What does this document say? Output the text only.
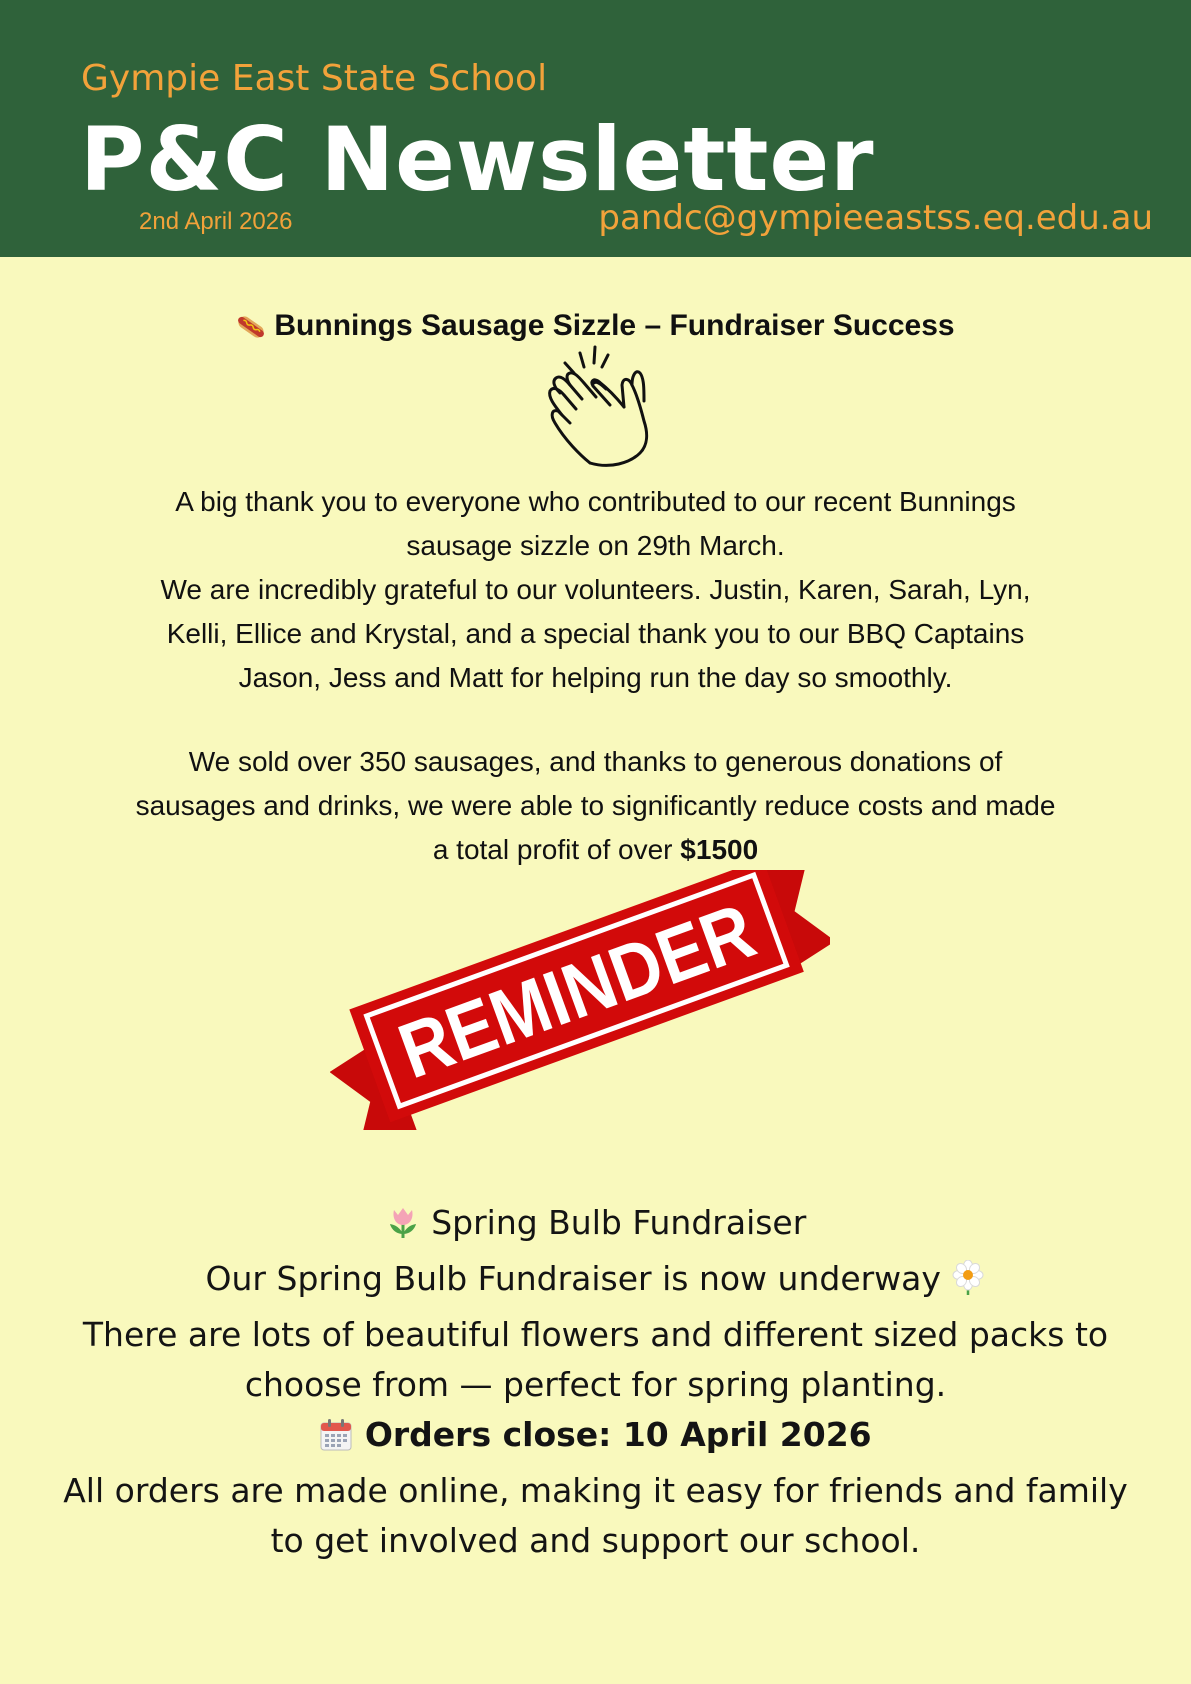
Gympie East State School
P&C Newsletter
2nd April 2026	pandc@gympieeastss.eq.edu.au
Bunnings Sausage Sizzle – Fundraiser Success
A big thank you to everyone who contributed to our recent Bunnings
sausage sizzle on 29th March.
We are incredibly grateful to our volunteers. Justin, Karen, Sarah, Lyn,
Kelli, Ellice and Krystal, and a special thank you to our BBQ Captains
Jason, Jess and Matt for helping run the day so smoothly.
We sold over 350 sausages, and thanks to generous donations of
sausages and drinks, we were able to significantly reduce costs and made
a total profit of over $1500
REMINDER
Spring Bulb Fundraiser
Our Spring Bulb Fundraiser is now underway
There are lots of beautiful flowers and different sized packs to
choose from — perfect for spring planting.
Orders close: 10 April 2026
All orders are made online, making it easy for friends and family
to get involved and support our school.
